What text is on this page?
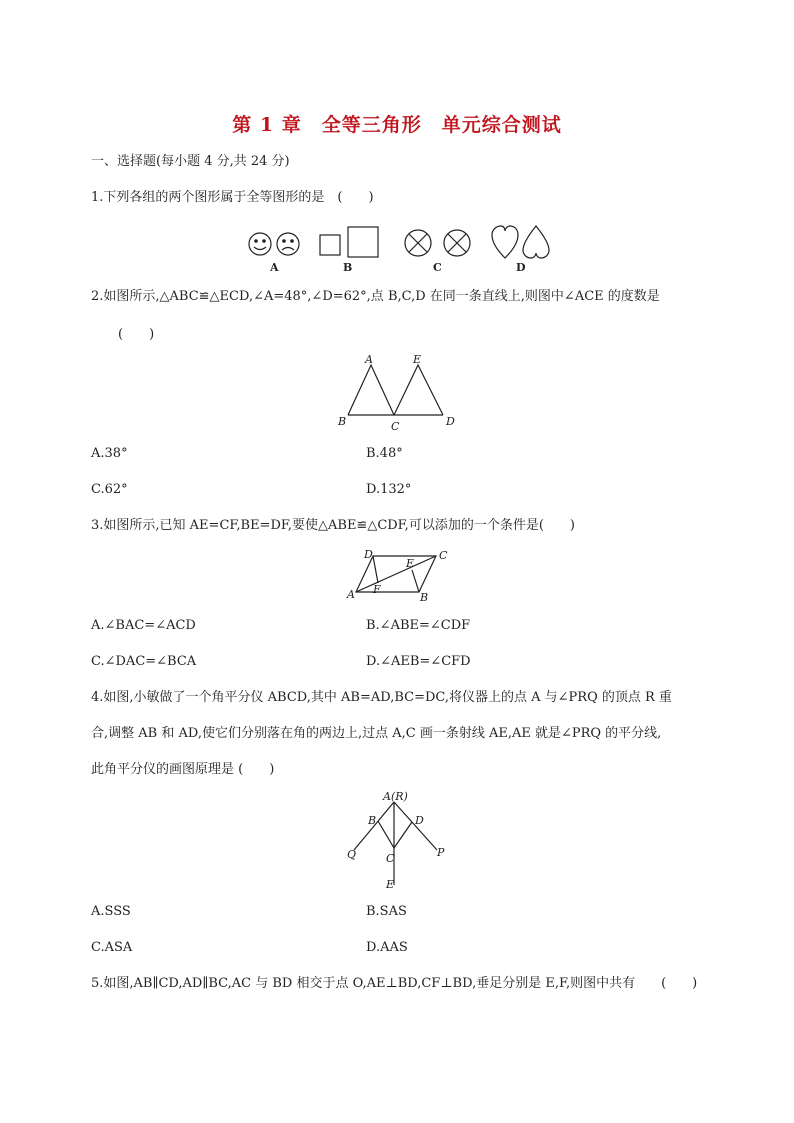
第 1 章　全等三角形　单元综合测试
一、选择题(每小题 4 分,共 24 分)
1.下列各组的两个图形属于全等图形的是　(　　)
A	B	C	D
2.如图所示,△ABC≌△ECD,∠A=48°,∠D=62°,点 B,C,D 在同一条直线上,则图中∠ACE 的度数是
(　　)
A	E
B	C	D
A.38°	B.48°
C.62°	D.132°
3.如图所示,已知 AE=CF,BE=DF,要使△ABE≌△CDF,可以添加的一个条件是(　　)
D	C
E
A F
B
A.∠BAC=∠ACD	B.∠ABE=∠CDF
C.∠DAC=∠BCA	D.∠AEB=∠CFD
4.如图,小敏做了一个角平分仪 ABCD,其中 AB=AD,BC=DC,将仪器上的点 A 与∠PRQ 的顶点 R 重
合,调整 AB 和 AD,使它们分别落在角的两边上,过点 A,C 画一条射线 AE,AE 就是∠PRQ 的平分线,
此角平分仪的画图原理是 (　　)
A(R)
B	D
Q	P
C
E
A.SSS	B.SAS
C.ASA	D.AAS
5.如图,AB∥CD,AD∥BC,AC 与 BD 相交于点 O,AE⊥BD,CF⊥BD,垂足分别是 E,F,则图中共有　　(　　)
